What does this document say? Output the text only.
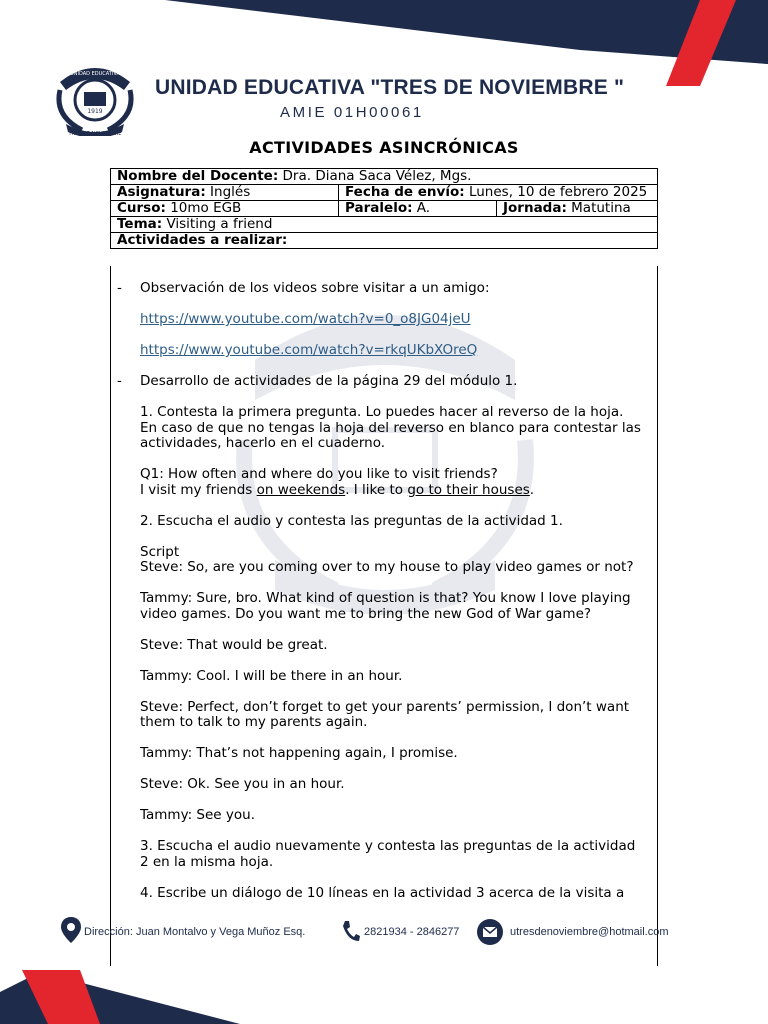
1919
UNIDAD EDUCATIVA
TRES DE NOVIEMBRE
UNIDAD EDUCATIVA "TRES DE NOVIEMBRE "
AMIE 01H00061
ACTIVIDADES ASINCRÓNICAS
Nombre del Docente: Dra. Diana Saca Vélez, Mgs.		
Asignatura: Inglés	Fecha de envío: Lunes, 10 de febrero 2025	
Curso: 10mo EGB	Paralelo: A.	Jornada: Matutina
Tema: Visiting a friend		
Actividades a realizar:		

- Observación de los videos sobre visitar a un amigo:

https://www.youtube.com/watch?v=0_o8JG04jeU

https://www.youtube.com/watch?v=rkqUKbXOreQ

- Desarrollo de actividades de la página 29 del módulo 1.

1. Contesta la primera pregunta. Lo puedes hacer al reverso de la hoja. En caso de que no tengas la hoja del reverso en blanco para contestar las actividades, hacerlo en el cuaderno.

Q1: How often and where do you like to visit friends?
I visit my friends on weekends. I like to go to their houses.

2. Escucha el audio y contesta las preguntas de la actividad 1.

Script
Steve: So, are you coming over to my house to play video games or not?

Tammy: Sure, bro. What kind of question is that? You know I love playing video games. Do you want me to bring the new God of War game?

Steve: That would be great.

Tammy: Cool. I will be there in an hour.

Steve: Perfect, don’t forget to get your parents’ permission, I don’t want them to talk to my parents again.

Tammy: That’s not happening again, I promise.

Steve: Ok. See you in an hour.

Tammy: See you.

3. Escucha el audio nuevamente y contesta las preguntas de la actividad 2 en la misma hoja.

4. Escribe un diálogo de 10 líneas en la actividad 3 acerca de la visita a

Dirección: Juan Montalvo y Vega Muñoz Esq.	2821934 - 2846277	utresdenoviembre@hotmail.com
